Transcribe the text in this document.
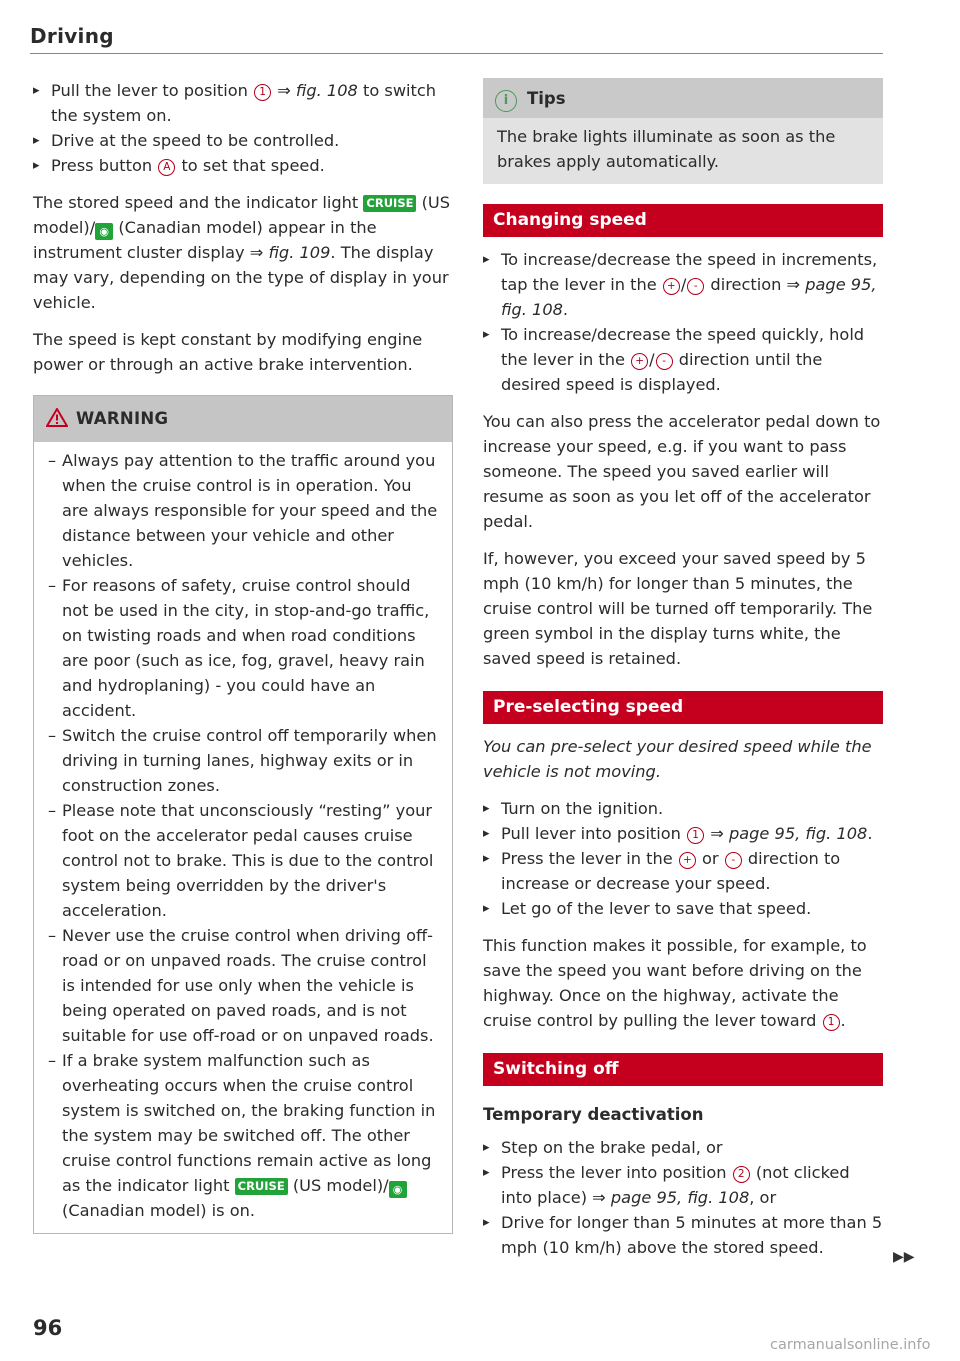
Driving

▸ Pull the lever to position 1 ⇒ fig. 108 to switch the system on.

▸ Drive at the speed to be controlled.

▸ Press button A to set that speed.

The stored speed and the indicator light CRUISE (US model)/ ◉ (Canadian model) appear in the instrument cluster display ⇒ fig. 109. The display may vary, depending on the type of display in your vehicle.

The speed is kept constant by modifying engine power or through an active brake intervention.

WARNING

– Always pay attention to the traffic around you when the cruise control is in operation. You are always responsible for your speed and the distance between your vehicle and other vehicles.

– For reasons of safety, cruise control should not be used in the city, in stop-and-go traffic, on twisting roads and when road conditions are poor (such as ice, fog, gravel, heavy rain and hydroplaning) - you could have an accident.

– Switch the cruise control off temporarily when driving in turning lanes, highway exits or in construction zones.

– Please note that unconsciously “resting” your foot on the accelerator pedal causes cruise control not to brake. This is due to the control system being overridden by the driver's acceleration.

– Never use the cruise control when driving off-road or on unpaved roads. The cruise control is intended for use only when the vehicle is being operated on paved roads, and is not suitable for use off-road or on unpaved roads.

– If a brake system malfunction such as overheating occurs when the cruise control system is switched on, the braking function in the system may be switched off. The other cruise control functions remain active as long as the indicator light CRUISE (US model)/ ◉ (Canadian model) is on.

i Tips
The brake lights illuminate as soon as the brakes apply automatically.
Changing speed

▸ To increase/decrease the speed in increments, tap the lever in the + / - direction ⇒ page 95, fig. 108.

▸ To increase/decrease the speed quickly, hold the lever in the + / - direction until the desired speed is displayed.

You can also press the accelerator pedal down to increase your speed, e.g. if you want to pass someone. The speed you saved earlier will resume as soon as you let off of the accelerator pedal.

If, however, you exceed your saved speed by 5 mph (10 km/h) for longer than 5 minutes, the cruise control will be turned off temporarily. The green symbol in the display turns white, the saved speed is retained.

Pre-selecting speed

You can pre-select your desired speed while the vehicle is not moving.

▸ Turn on the ignition.

▸ Pull lever into position 1 ⇒ page 95, fig. 108.

▸ Press the lever in the + or - direction to increase or decrease your speed.

▸ Let go of the lever to save that speed.

This function makes it possible, for example, to save the speed you want before driving on the highway. Once on the highway, activate the cruise control by pulling the lever toward 1 .

Switching off
Temporary deactivation

▸ Step on the brake pedal, or

▸ Press the lever into position 2 (not clicked into place) ⇒ page 95, fig. 108, or

▸ Drive for longer than 5 minutes at more than 5 mph (10 km/h) above the stored speed.	▶▶
96
carmanualsonline.info
